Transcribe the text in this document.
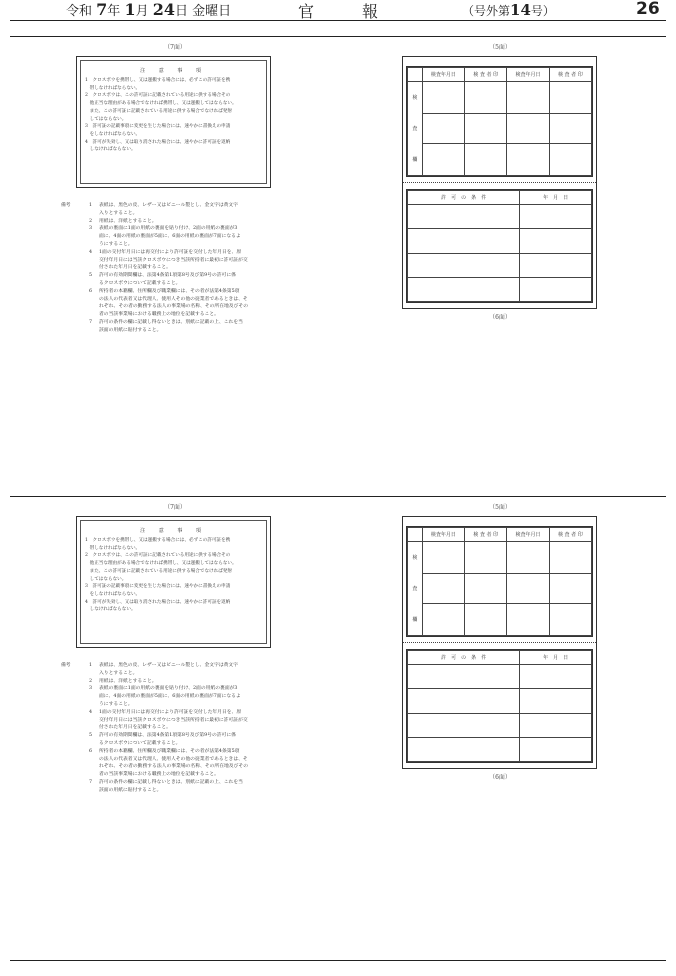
令和 7年 1月 24日 金曜日	官	報	（号外第14号）	26
（7面）
注 意 事 項
1　クロスボウを携帯し、又は運搬する場合には、必ずこの許可証を携
　帯しなければならない。
2　クロスボウは、この許可証に記載されている用途に供する場合その
　他正当な理由がある場合でなければ携帯し、又は運搬してはならない。
　また、この許可証に記載されている用途に供する場合でなければ発射
　してはならない。
3　許可証の記載事項に変更を生じた場合には、速やかに書換えの申請
　をしなければならない。
4　許可が失効し、又は取り消された場合には、速やかに許可証を返納
　しなければならない。
備考	1	表紙は、黒色の皮、レザー又はビニール製とし、金文字は黄文字
入りとすること。
2	用紙は、洋紙とすること。
3	表紙の裏面に1面の用紙の裏面を貼り付け、2面の用紙の裏面が3
面に、4面の用紙の裏面が5面に、6面の用紙の裏面が7面になるよ
うにすること。
4	1面の交付年月日には再交付により許可証を交付した年月日を、原
交付年月日には当該クロスボウにつき当該所持者に最初に許可証が交
付された年月日を記載すること。
5	許可の有効期間欄は、法第4条第1項第8号及び第9号の許可に係
るクロスボウについて記載すること。
6	所持者の本籍欄、住所欄及び職業欄には、その者が法第4条第5項
の法人の代表者又は代理人、使用人その他の従業者であるときは、そ
れぞれ、その者の勤務する法人の事業場の名称、その所在地及びその
者の当該事業場における職務上の地位を記載すること。
7	許可の条件の欄に記載し得ないときは、別紙に記載の上、これを当
該面の用紙に貼付すること。
（5面）
	検査年月日	検 査 者 印	検査年月日	検 査 者 印
検				
査				
欄				
許　可　の　条　件	年　月　日

（6面）
（7面）
注 意 事 項
1　クロスボウを携帯し、又は運搬する場合には、必ずこの許可証を携
　帯しなければならない。
2　クロスボウは、この許可証に記載されている用途に供する場合その
　他正当な理由がある場合でなければ携帯し、又は運搬してはならない。
　また、この許可証に記載されている用途に供する場合でなければ発射
　してはならない。
3　許可証の記載事項に変更を生じた場合には、速やかに書換えの申請
　をしなければならない。
4　許可が失効し、又は取り消された場合には、速やかに許可証を返納
　しなければならない。
備考	1	表紙は、黒色の皮、レザー又はビニール製とし、金文字は黄文字
入りとすること。
2	用紙は、洋紙とすること。
3	表紙の裏面に1面の用紙の裏面を貼り付け、2面の用紙の裏面が3
面に、4面の用紙の裏面が5面に、6面の用紙の裏面が7面になるよ
うにすること。
4	1面の交付年月日には再交付により許可証を交付した年月日を、原
交付年月日には当該クロスボウにつき当該所持者に最初に許可証が交
付された年月日を記載すること。
5	許可の有効期間欄は、法第4条第1項第8号及び第9号の許可に係
るクロスボウについて記載すること。
6	所持者の本籍欄、住所欄及び職業欄には、その者が法第4条第5項
の法人の代表者又は代理人、使用人その他の従業者であるときは、そ
れぞれ、その者の勤務する法人の事業場の名称、その所在地及びその
者の当該事業場における職務上の地位を記載すること。
7	許可の条件の欄に記載し得ないときは、別紙に記載の上、これを当
該面の用紙に貼付すること。
（5面）
	検査年月日	検 査 者 印	検査年月日	検 査 者 印
検				
査				
欄				
許　可　の　条　件	年　月　日

（6面）
